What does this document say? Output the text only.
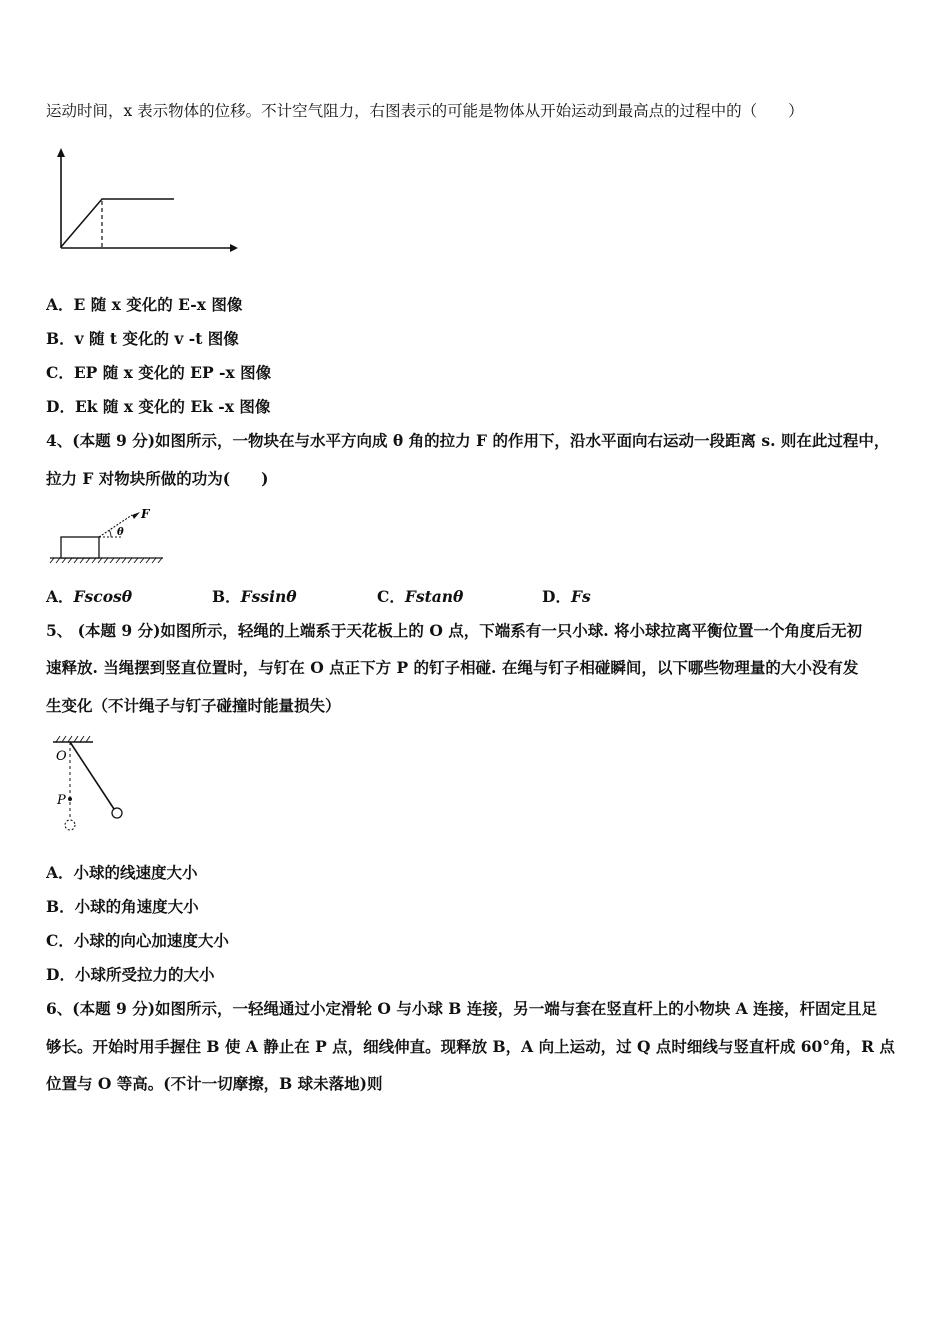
运动时间，x 表示物体的位移。不计空气阻力，右图表示的可能是物体从开始运动到最高点的过程中的（　　）
A．E 随 x 变化的 E-x 图像
B．v 随 t 变化的 v -t 图像
C．EP 随 x 变化的 EP -x 图像
D．Ek 随 x 变化的 Ek -x 图像
4、(本题 9 分)如图所示，一物块在与水平方向成 θ 角的拉力 F 的作用下，沿水平面向右运动一段距离 s. 则在此过程中，
拉力 F 对物块所做的功为(　　)
θ
F
A．Fscosθ	B．Fssinθ	C．Fstanθ	D．Fs
5、 (本题 9 分)如图所示，轻绳的上端系于天花板上的 O 点，下端系有一只小球. 将小球拉离平衡位置一个角度后无初
速释放. 当绳摆到竖直位置时，与钉在 O 点正下方 P 的钉子相碰. 在绳与钉子相碰瞬间，以下哪些物理量的大小没有发
生变化（不计绳子与钉子碰撞时能量损失）
O
P
A．小球的线速度大小
B．小球的角速度大小
C．小球的向心加速度大小
D．小球所受拉力的大小
6、(本题 9 分)如图所示，一轻绳通过小定滑轮 O 与小球 B 连接，另一端与套在竖直杆上的小物块 A 连接，杆固定且足
够长。开始时用手握住 B 使 A 静止在 P 点，细线伸直。现释放 B，A 向上运动，过 Q 点时细线与竖直杆成 60°角，R 点
位置与 O 等高。(不计一切摩擦，B 球未落地)则
